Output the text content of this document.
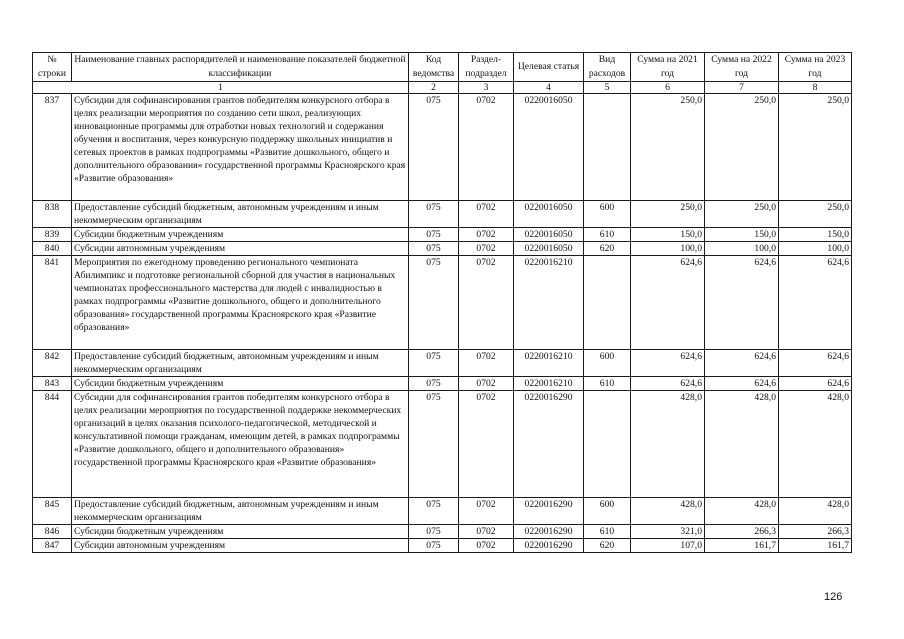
№ строки	Наименование главных распорядителей и наименование показателей бюджетной классификации	Код ведомства	Раздел-подраздел	Целевая статья	Вид расходов	Сумма на 2021 год	Сумма на 2022 год	Сумма на 2023 год
1		2	3	4	5	6	7	8
837	Субсидии для софинансирования грантов победителям конкурсного отбора в целях реализации мероприятия по созданию сети школ, реализующих инновационные программы для отработки новых технологий и содержания обучения и воспитания, через конкурсную поддержку школьных инициатив и сетевых проектов в рамках подпрограммы «Развитие дошкольного, общего и дополнительного образования» государственной программы Красноярского края «Развитие образования»	075	0702	0220016050		250,0	250,0	250,0
838	Предоставление субсидий бюджетным, автономным учреждениям и иным некоммерческим организациям	075	0702	0220016050	600	250,0	250,0	250,0
839	Субсидии бюджетным учреждениям	075	0702	0220016050	610	150,0	150,0	150,0
840	Субсидии автономным учреждениям	075	0702	0220016050	620	100,0	100,0	100,0
841	Мероприятия по ежегодному проведению регионального чемпионата Абилимпикс и подготовке региональной сборной для участия в национальных чемпионатах профессионального мастерства для людей с инвалидностью в рамках подпрограммы «Развитие дошкольного, общего и дополнительного образования» государственной программы Красноярского края «Развитие образования»	075	0702	0220016210		624,6	624,6	624,6
842	Предоставление субсидий бюджетным, автономным учреждениям и иным некоммерческим организациям	075	0702	0220016210	600	624,6	624,6	624,6
843	Субсидии бюджетным учреждениям	075	0702	0220016210	610	624,6	624,6	624,6
844	Субсидии для софинансирования грантов победителям конкурсного отбора в целях реализации мероприятия по государственной поддержке некоммерческих организаций в целях оказания психолого-педагогической, методической и консультативной помощи гражданам, имеющим детей, в рамках подпрограммы «Развитие дошкольного, общего и дополнительного образования» государственной программы Красноярского края «Развитие образования»	075	0702	0220016290		428,0	428,0	428,0
845	Предоставление субсидий бюджетным, автономным учреждениям и иным некоммерческим организациям	075	0702	0220016290	600	428,0	428,0	428,0
846	Субсидии бюджетным учреждениям	075	0702	0220016290	610	321,0	266,3	266,3
847	Субсидии автономным учреждениям	075	0702	0220016290	620	107,0	161,7	161,7
126
